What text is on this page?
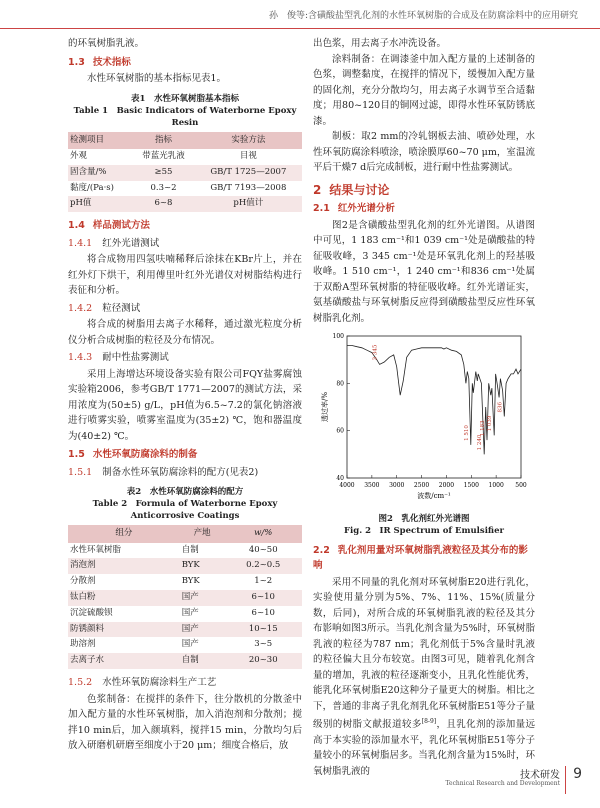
孙　俊等:含磺酸盐型乳化剂的水性环氧树脂的合成及在防腐涂料中的应用研究

的环氧树脂乳液。

1.3 技术指标

水性环氧树脂的基本指标见表1。

表1　水性环氧树脂基本指标
Table 1　Basic Indicators of Waterborne Epoxy Resin
检测项目	指标	实验方法
外观	带蓝光乳液	目视
固含量/%	≥55	GB/T 1725—2007
黏度/(Pa·s)	0.3~2	GB/T 7193—2008
pH值	6~8	pH值计
1.4 样品测试方法
1.4.1 红外光谱测试

将合成物用四氢呋喃稀释后涂抹在KBr片上，并在红外灯下烘干，利用傅里叶红外光谱仪对树脂结构进行表征和分析。

1.4.2 粒径测试

将合成的树脂用去离子水稀释，通过激光粒度分析仪分析合成树脂的粒径及分布情况。

1.4.3 耐中性盐雾测试

采用上海增达环境设备实验有限公司FQY盐雾腐蚀实验箱2006，参考GB/T 1771—2007的测试方法，采用浓度为(50±5) g/L，pH值为6.5~7.2的氯化钠溶液进行喷雾实验，喷雾室温度为(35±2) ℃，饱和器温度为(40±2) ℃。

1.5 水性环氧防腐涂料的制备
1.5.1 制备水性环氧防腐涂料的配方(见表2)
表2　水性环氧防腐涂料的配方
Table 2　Formula of Waterborne Epoxy Anticorrosive Coatings
组分	产地	w/%
水性环氧树脂	自制	40~50
消泡剂	BYK	0.2~0.5
分散剂	BYK	1~2
钛白粉	国产	6~10
沉淀硫酸钡	国产	6~10
防锈颜料	国产	10~15
助溶剂	国产	3~5
去离子水	自制	20~30
1.5.2 水性环氧防腐涂料生产工艺

色浆制备：在搅拌的条件下，往分散机的分散釜中加入配方量的水性环氧树脂，加入消泡剂和分散剂；搅拌10 min后，加入颜填料，搅拌15 min，分散均匀后放入研磨机研磨至细度小于20 μm；细度合格后，放

出色浆，用去离子水冲洗设备。

涂料制备：在调漆釜中加入配方量的上述制备的色浆，调整黏度，在搅拌的情况下，缓慢加入配方量的固化剂，充分分散均匀，用去离子水调节至合适黏度；用80~120目的铜网过滤，即得水性环氧防锈底漆。

制板：取2 mm的冷轧钢板去油、喷砂处理，水性环氧防腐涂料喷涂，喷涂膜厚60~70 μm，室温流平后干燥7 d后完成制板，进行耐中性盐雾测试。

2 结果与讨论
2.1 红外光谱分析

图2是含磺酸盐型乳化剂的红外光谱图。从谱图中可见，1 183 cm⁻¹和1 039 cm⁻¹处是磺酸盐的特征吸收峰，3 345 cm⁻¹处是环氧乳化剂上的羟基吸收峰。1 510 cm⁻¹，1 240 cm⁻¹和836 cm⁻¹处属于双酚A型环氧树脂的特征吸收峰。红外光谱证实，氨基磺酸盐与环氧树脂反应得到磺酸盐型反应性环氧树脂乳化剂。

4000 3500 3000 2500 2000 1500 1000 500
40
60
80
100
3 345
1 510
1 240
1 183 1 039
836
波数/cm⁻¹
透过率/%
图2　乳化剂红外光谱图
Fig. 2　IR Spectrum of Emulsifier
2.2 乳化剂用量对环氧树脂乳液粒径及其分布的影响

采用不同量的乳化剂对环氧树脂E20进行乳化，实验使用量分别为5%、7%、11%、15%(质量分数，后同)，对所合成的环氧树脂乳液的粒径及其分布影响如图3所示。当乳化剂含量为5%时，环氧树脂乳液的粒径为787 nm；乳化剂低于5%含量时乳液的粒径偏大且分布较宽。由图3可见，随着乳化剂含量的增加，乳液的粒径逐渐变小，且乳化性能优秀，能乳化环氧树脂E20这种分子量更大的树脂。相比之下，普通的非离子乳化剂乳化环氧树脂E51等分子量级别的树脂文献报道较多[8-9]，且乳化剂的添加量远高于本实验的添加量水平，乳化环氧树脂E51等分子量较小的环氧树脂居多。当乳化剂含量为15%时，环氧树脂乳液的	技术研发
Technical Research and Development
9
